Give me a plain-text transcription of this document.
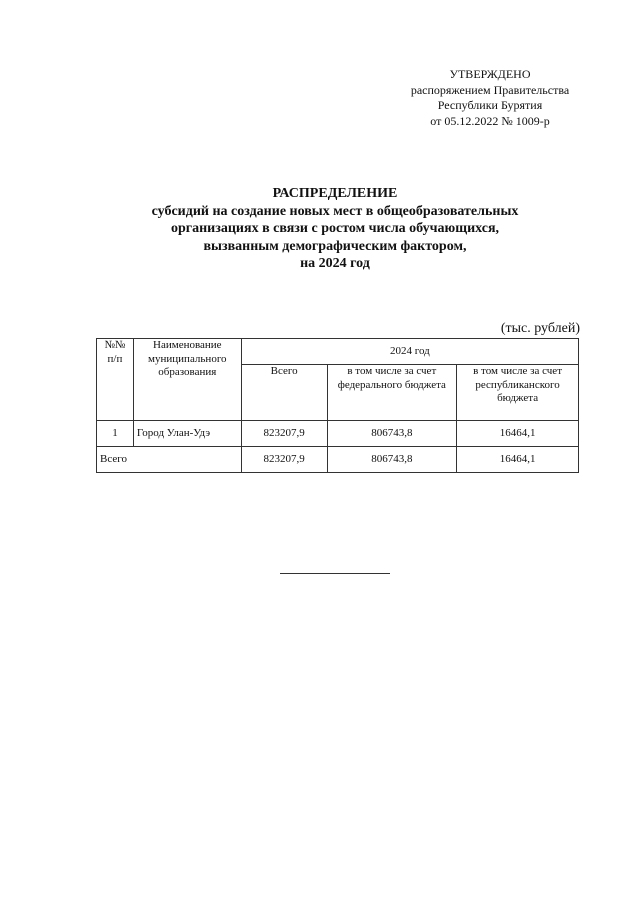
УТВЕРЖДЕНО
распоряжением Правительства
Республики Бурятия
от 05.12.2022 № 1009-р
РАСПРЕДЕЛЕНИЕ
субсидий на создание новых мест в общеобразовательных
организациях в связи с ростом числа обучающихся,
вызванным демографическим фактором,
на 2024 год
(тыс. рублей)
№№ п/п	Наименование муниципального образования	2024 год		
		Всего	в том числе за счет федерального бюджета	в том числе за счет республиканского бюджета
1	Город Улан-Удэ	823207,9	806743,8	16464,1
Всего		823207,9	806743,8	16464,1
